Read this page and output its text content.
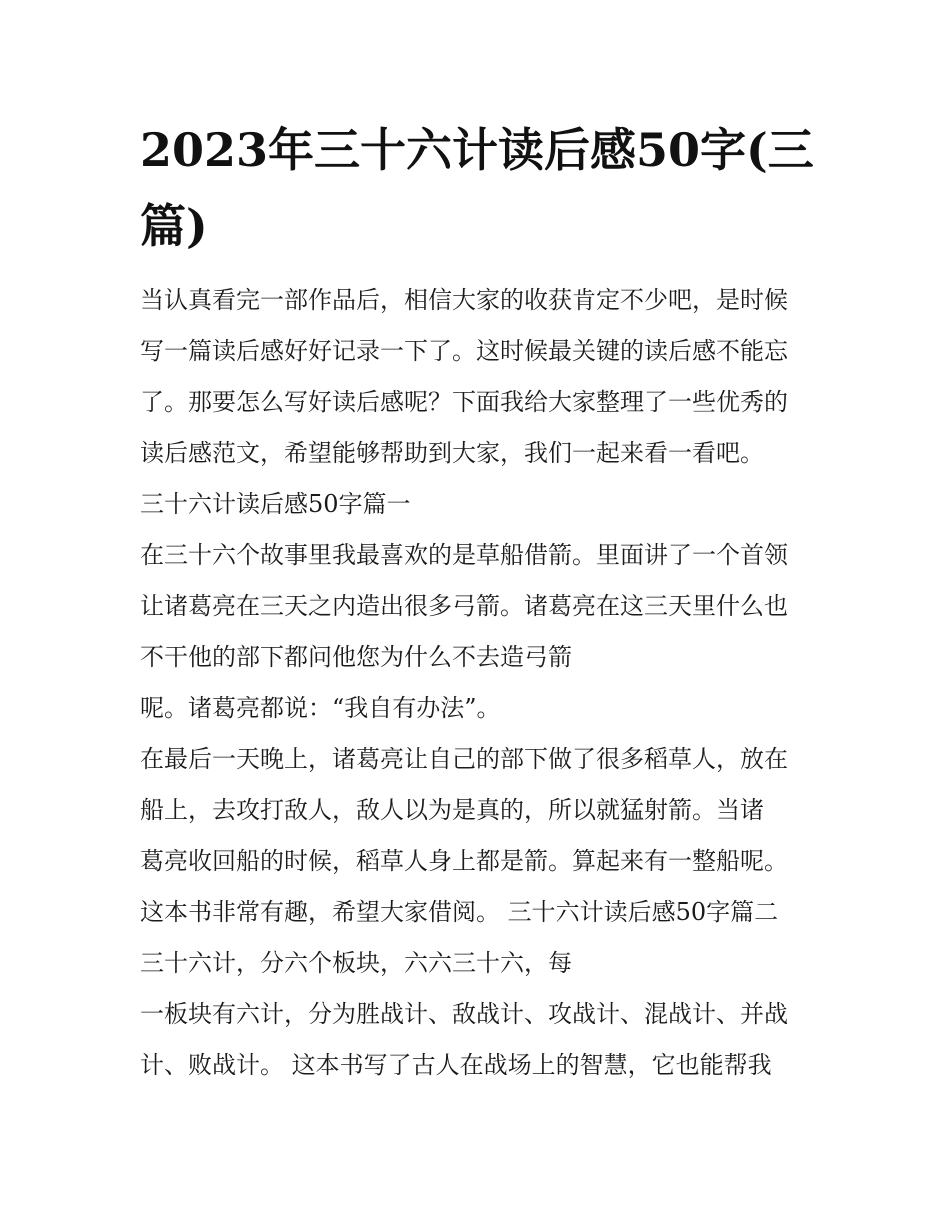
2023年三十六计读后感50字(三篇)
当认真看完一部作品后，相信大家的收获肯定不少吧，是时候
写一篇读后感好好记录一下了。这时候最关键的读后感不能忘
了。那要怎么写好读后感呢？下面我给大家整理了一些优秀的
读后感范文，希望能够帮助到大家，我们一起来看一看吧。
三十六计读后感50字篇一
在三十六个故事里我最喜欢的是草船借箭。里面讲了一个首领
让诸葛亮在三天之内造出很多弓箭。诸葛亮在这三天里什么也
不干他的部下都问他您为什么不去造弓箭
呢。诸葛亮都说：“我自有办法”。
在最后一天晚上，诸葛亮让自己的部下做了很多稻草人，放在
船上，去攻打敌人，敌人以为是真的，所以就猛射箭。当诸
葛亮收回船的时候，稻草人身上都是箭。算起来有一整船呢。
这本书非常有趣，希望大家借阅。 三十六计读后感50字篇二
三十六计，分六个板块，六六三十六，每
一板块有六计，分为胜战计、敌战计、攻战计、混战计、并战
计、败战计。 这本书写了古人在战场上的智慧，它也能帮我
